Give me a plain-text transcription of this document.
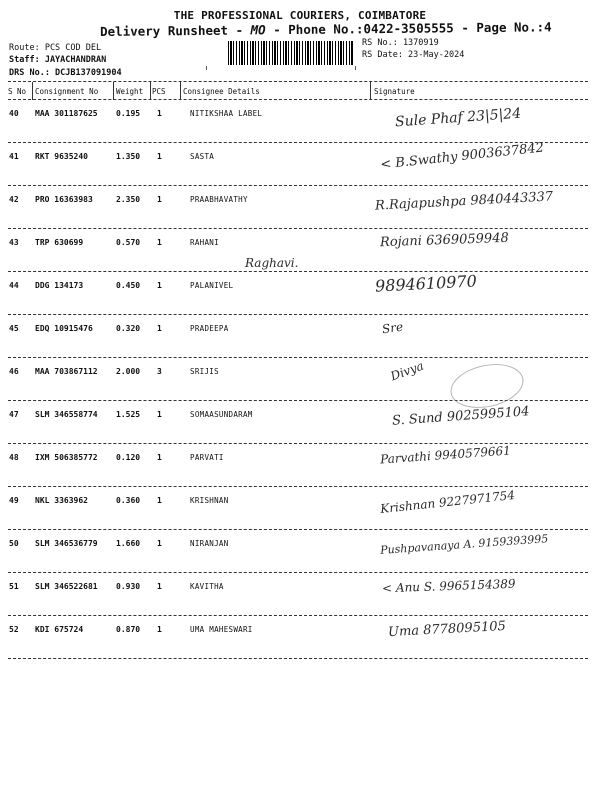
THE PROFESSIONAL COURIERS, COIMBATORE
Delivery Runsheet - MO - Phone No.:0422-3505555 - Page No.:4
Route: PCS COD DEL
Staff: JAYACHANDRAN
DRS No.: DCJB137091904
RS No.: 1370919
RS Date: 23-May-2024
S No Consignment No Weight PCS Consignee Details	Signature
40 MAA 301187625 0.195 1	NITIKSHAA LABEL	Sule Phaf 23|5|24
41 RKT 9635240	1.350 1	SASTA	< B.Swathy 9003637842
42 PRO 16363983	2.350 1	PRAABHAVATHY	R.Rajapushpa 9840443337
43 TRP 630699	0.570 1	RAHANI	Rojani 6369059948
44 DDG 134173	0.450 1	PALANIVEL	9894610970
45 EDQ 10915476	0.320 1	PRADEEPA	Sre
46 MAA 703867112 2.000 3	SRIJIS	Divya
47 SLM 346558774 1.525 1	SOMAASUNDARAM	S. Sund 9025995104
48 IXM 506385772 0.120 1	PARVATI	Parvathi 9940579661
49 NKL 3363962	0.360 1	KRISHNAN	Krishnan 9227971754
50 SLM 346536779 1.660 1	NIRANJAN	Pushpavanaya A. 9159393995
51 SLM 346522681 0.930 1	KAVITHA	< Anu S. 9965154389
52 KDI 675724	0.870 1	UMA MAHESWARI	Uma 8778095105
Raghavi.
